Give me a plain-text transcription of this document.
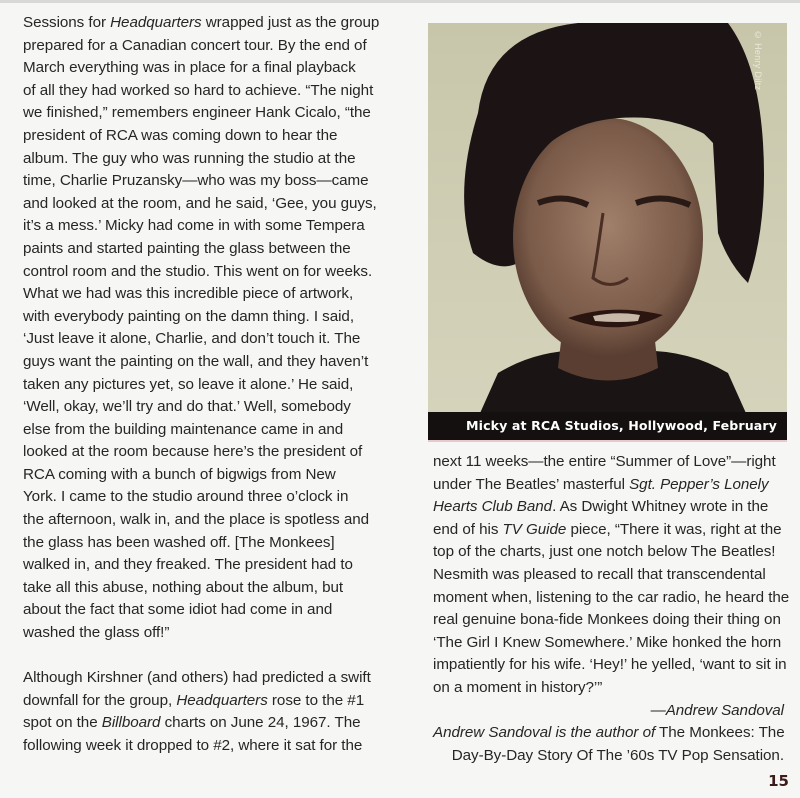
Sessions for Headquarters wrapped just as the group
prepared for a Canadian concert tour. By the end of
March everything was in place for a final playback
of all they had worked so hard to achieve. “The night
we finished,” remembers engineer Hank Cicalo, “the
president of RCA was coming down to hear the
album. The guy who was running the studio at the
time, Charlie Pruzansky—who was my boss—came
and looked at the room, and he said, ‘Gee, you guys,
it’s a mess.’ Micky had come in with some Tempera
paints and started painting the glass between the
control room and the studio. This went on for weeks.
What we had was this incredible piece of artwork,
with everybody painting on the damn thing. I said,
‘Just leave it alone, Charlie, and don’t touch it. The
guys want the painting on the wall, and they haven’t
taken any pictures yet, so leave it alone.’ He said,
‘Well, okay, we’ll try and do that.’ Well, somebody
else from the building maintenance came in and
looked at the room because here’s the president of
RCA coming with a bunch of bigwigs from New
York. I came to the studio around three o’clock in
the afternoon, walk in, and the place is spotless and
the glass has been washed off. [The Monkees]
walked in, and they freaked. The president had to
take all this abuse, nothing about the album, but
about the fact that some idiot had come in and
washed the glass off!”

Although Kirshner (and others) had predicted a swift
downfall for the group, Headquarters rose to the #1
spot on the Billboard charts on June 24, 1967. The
following week it dropped to #2, where it sat for the

Micky at RCA Studios, Hollywood, February
© Henry Diltz

next 11 weeks—the entire “Summer of Love”—right
under The Beatles’ masterful Sgt. Pepper’s Lonely
Hearts Club Band. As Dwight Whitney wrote in the
end of his TV Guide piece, “There it was, right at the
top of the charts, just one notch below The Beatles!
Nesmith was pleased to recall that transcendental
moment when, listening to the car radio, he heard the
real genuine bona-fide Monkees doing their thing on
‘The Girl I Knew Somewhere.’ Mike honked the horn
impatiently for his wife. ‘Hey!’ he yelled, ‘want to sit in
on a moment in history?’”

—Andrew Sandoval
Andrew Sandoval is the author of The Monkees: The
Day-By-Day Story Of The ’60s TV Pop Sensation.
15
